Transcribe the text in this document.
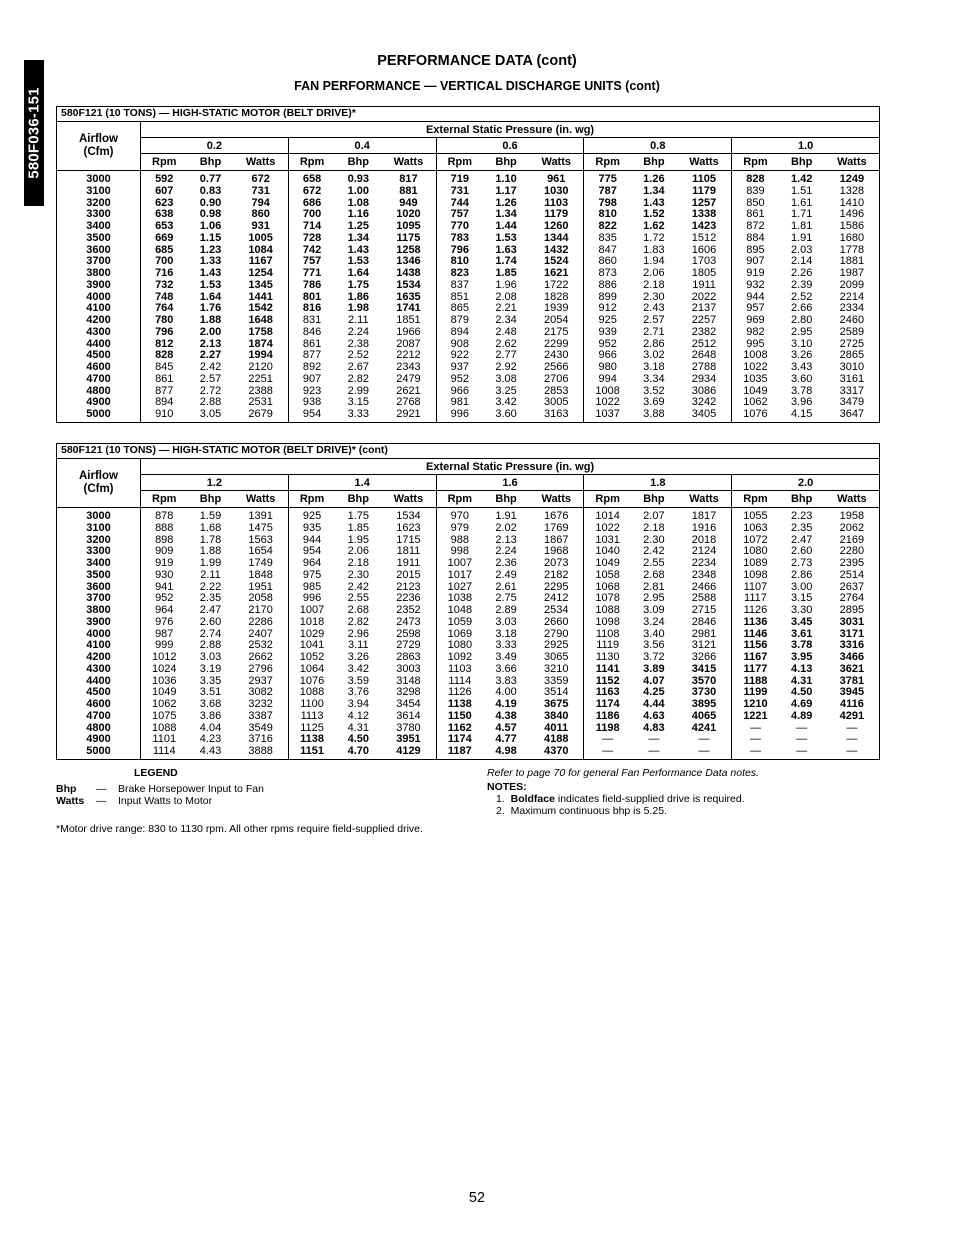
580F036-151
PERFORMANCE DATA (cont)
FAN PERFORMANCE — VERTICAL DISCHARGE UNITS (cont)
580F121 (10 TONS) — HIGH-STATIC MOTOR (BELT DRIVE)*															
Airflow
(Cfm)	External Static Pressure (in. wg)														
	0.2			0.4			0.6			0.8			1.0		
	Rpm	Bhp	Watts	Rpm	Bhp	Watts	Rpm	Bhp	Watts	Rpm	Bhp	Watts	Rpm	Bhp	Watts
3000	592	0.77	672	658	0.93	817	719	1.10	961	775	1.26	1105	828	1.42	1249
3100	607	0.83	731	672	1.00	881	731	1.17	1030	787	1.34	1179	839	1.51	1328
3200	623	0.90	794	686	1.08	949	744	1.26	1103	798	1.43	1257	850	1.61	1410
3300	638	0.98	860	700	1.16	1020	757	1.34	1179	810	1.52	1338	861	1.71	1496
3400	653	1.06	931	714	1.25	1095	770	1.44	1260	822	1.62	1423	872	1.81	1586
3500	669	1.15	1005	728	1.34	1175	783	1.53	1344	835	1.72	1512	884	1.91	1680
3600	685	1.23	1084	742	1.43	1258	796	1.63	1432	847	1.83	1606	895	2.03	1778
3700	700	1.33	1167	757	1.53	1346	810	1.74	1524	860	1.94	1703	907	2.14	1881
3800	716	1.43	1254	771	1.64	1438	823	1.85	1621	873	2.06	1805	919	2.26	1987
3900	732	1.53	1345	786	1.75	1534	837	1.96	1722	886	2.18	1911	932	2.39	2099
4000	748	1.64	1441	801	1.86	1635	851	2.08	1828	899	2.30	2022	944	2.52	2214
4100	764	1.76	1542	816	1.98	1741	865	2.21	1939	912	2.43	2137	957	2.66	2334
4200	780	1.88	1648	831	2.11	1851	879	2.34	2054	925	2.57	2257	969	2.80	2460
4300	796	2.00	1758	846	2.24	1966	894	2.48	2175	939	2.71	2382	982	2.95	2589
4400	812	2.13	1874	861	2.38	2087	908	2.62	2299	952	2.86	2512	995	3.10	2725
4500	828	2.27	1994	877	2.52	2212	922	2.77	2430	966	3.02	2648	1008	3.26	2865
4600	845	2.42	2120	892	2.67	2343	937	2.92	2566	980	3.18	2788	1022	3.43	3010
4700	861	2.57	2251	907	2.82	2479	952	3.08	2706	994	3.34	2934	1035	3.60	3161
4800	877	2.72	2388	923	2.99	2621	966	3.25	2853	1008	3.52	3086	1049	3.78	3317
4900	894	2.88	2531	938	3.15	2768	981	3.42	3005	1022	3.69	3242	1062	3.96	3479
5000	910	3.05	2679	954	3.33	2921	996	3.60	3163	1037	3.88	3405	1076	4.15	3647
580F121 (10 TONS) — HIGH-STATIC MOTOR (BELT DRIVE)* (cont)															
Airflow
(Cfm)	External Static Pressure (in. wg)														
	1.2			1.4			1.6			1.8			2.0		
	Rpm	Bhp	Watts	Rpm	Bhp	Watts	Rpm	Bhp	Watts	Rpm	Bhp	Watts	Rpm	Bhp	Watts
3000	878	1.59	1391	925	1.75	1534	970	1.91	1676	1014	2.07	1817	1055	2.23	1958
3100	888	1.68	1475	935	1.85	1623	979	2.02	1769	1022	2.18	1916	1063	2.35	2062
3200	898	1.78	1563	944	1.95	1715	988	2.13	1867	1031	2.30	2018	1072	2.47	2169
3300	909	1.88	1654	954	2.06	1811	998	2.24	1968	1040	2.42	2124	1080	2.60	2280
3400	919	1.99	1749	964	2.18	1911	1007	2.36	2073	1049	2.55	2234	1089	2.73	2395
3500	930	2.11	1848	975	2.30	2015	1017	2.49	2182	1058	2.68	2348	1098	2.86	2514
3600	941	2.22	1951	985	2.42	2123	1027	2.61	2295	1068	2.81	2466	1107	3.00	2637
3700	952	2.35	2058	996	2.55	2236	1038	2.75	2412	1078	2.95	2588	1117	3.15	2764
3800	964	2.47	2170	1007	2.68	2352	1048	2.89	2534	1088	3.09	2715	1126	3.30	2895
3900	976	2.60	2286	1018	2.82	2473	1059	3.03	2660	1098	3.24	2846	1136	3.45	3031
4000	987	2.74	2407	1029	2.96	2598	1069	3.18	2790	1108	3.40	2981	1146	3.61	3171
4100	999	2.88	2532	1041	3.11	2729	1080	3.33	2925	1119	3.56	3121	1156	3.78	3316
4200	1012	3.03	2662	1052	3.26	2863	1092	3.49	3065	1130	3.72	3266	1167	3.95	3466
4300	1024	3.19	2796	1064	3.42	3003	1103	3.66	3210	1141	3.89	3415	1177	4.13	3621
4400	1036	3.35	2937	1076	3.59	3148	1114	3.83	3359	1152	4.07	3570	1188	4.31	3781
4500	1049	3.51	3082	1088	3.76	3298	1126	4.00	3514	1163	4.25	3730	1199	4.50	3945
4600	1062	3.68	3232	1100	3.94	3454	1138	4.19	3675	1174	4.44	3895	1210	4.69	4116
4700	1075	3.86	3387	1113	4.12	3614	1150	4.38	3840	1186	4.63	4065	1221	4.89	4291
4800	1088	4.04	3549	1125	4.31	3780	1162	4.57	4011	1198	4.83	4241	—	—	—
4900	1101	4.23	3716	1138	4.50	3951	1174	4.77	4188	—	—	—	—	—	—
5000	1114	4.43	3888	1151	4.70	4129	1187	4.98	4370	—	—	—	—	—	—
LEGEND
Bhp	—	Brake Horsepower Input to Fan
Watts	—	Input Watts to Motor
*Motor drive range: 830 to 1130 rpm. All other rpms require field-supplied drive.
Refer to page 70 for general Fan Performance Data notes.
NOTES:
1. Boldface indicates field-supplied drive is required.
2. Maximum continuous bhp is 5.25.
52
